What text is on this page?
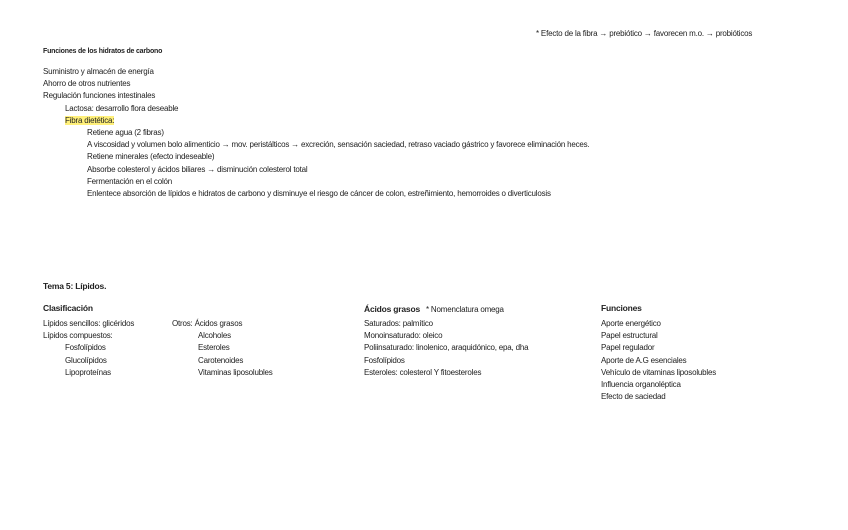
* Efecto de la fibra → prebiótico → favorecen m.o. → probióticos
Funciones de los hidratos de carbono
Suministro y almacén de energía
Ahorro de otros nutrientes
Regulación funciones intestinales
Lactosa: desarrollo flora deseable
Fibra dietética:
Retiene agua (2 fibras)
A viscosidad y volumen bolo alimenticio → mov. peristálticos → excreción, sensación saciedad, retraso vaciado gástrico y favorece eliminación heces.
Retiene minerales (efecto indeseable)
Absorbe colesterol y ácidos biliares → disminución colesterol total
Fermentación en el colón
Enlentece absorción de lípidos e hidratos de carbono y disminuye el riesgo de cáncer de colon, estreñimiento, hemorroides o diverticulosis
Tema 5: Lípidos.
Clasificación
Lípidos sencillos: glicéridos
Lípidos compuestos:
Fosfolípidos
Glucolípidos
Lipoproteínas
Otros: Ácidos grasos
Alcoholes
Esteroles
Carotenoides
Vitaminas liposolubles
Ácidos grasos * Nomenclatura omega
Saturados: palmítico
Monoinsaturado: oleico
Poliinsaturado: linolenico, araquidónico, epa, dha
Fosfolípidos
Esteroles: colesterol Y fitoesteroles
Funciones
Aporte energético
Papel estructural
Papel regulador
Aporte de A.G esenciales
Vehículo de vitaminas liposolubles
Influencia organoléptica
Efecto de saciedad
